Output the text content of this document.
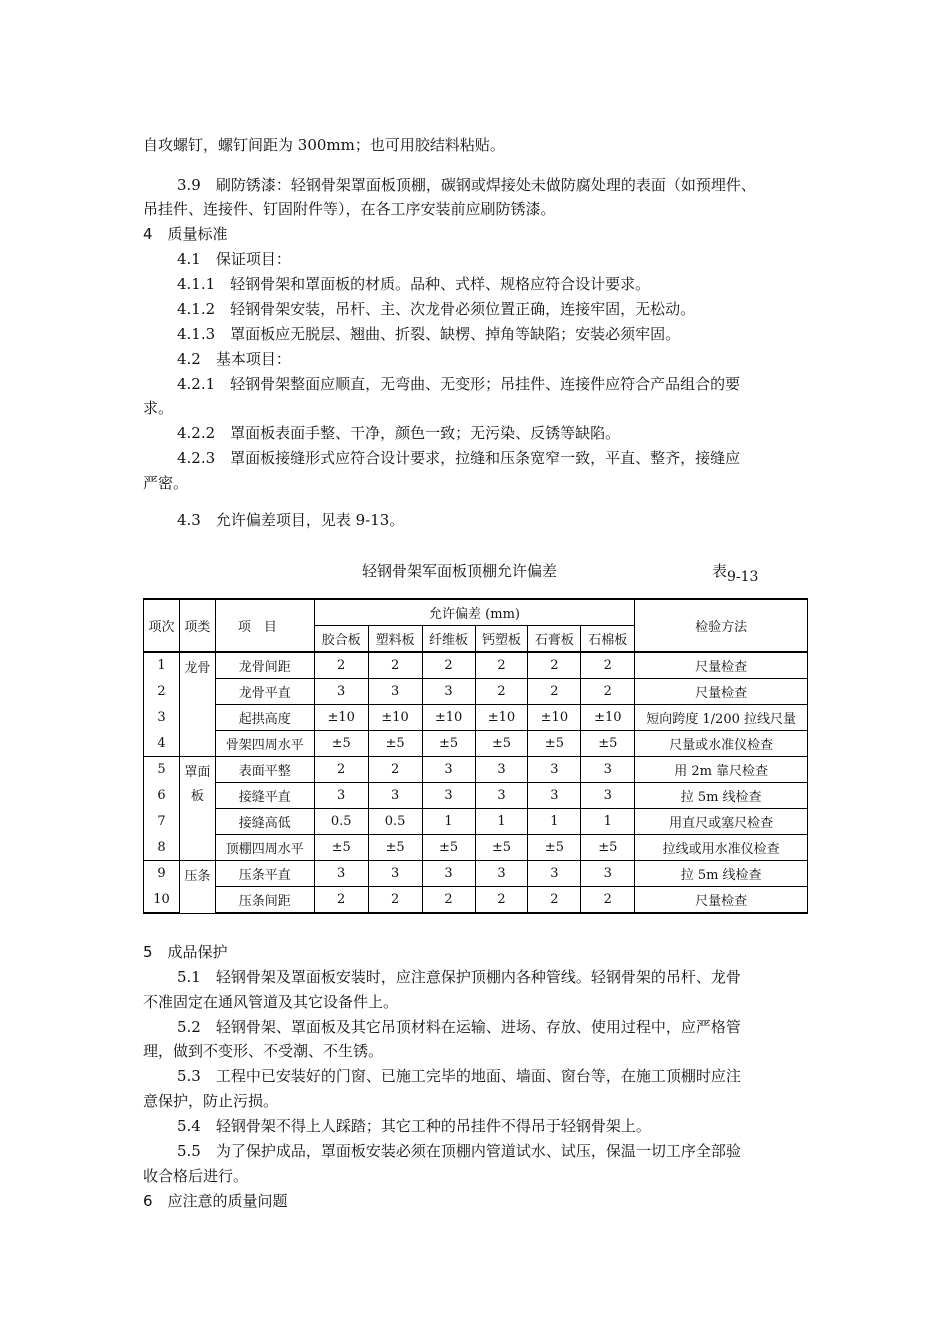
自攻螺钉，螺钉间距为 300mm；也可用胶结料粘贴。
3.9　刷防锈漆：轻钢骨架罩面板顶棚，碳钢或焊接处未做防腐处理的表面（如预埋件、
吊挂件、连接件、钉固附件等），在各工序安装前应刷防锈漆。
4　质量标准
4.1　保证项目：
4.1.1　轻钢骨架和罩面板的材质。品种、式样、规格应符合设计要求。
4.1.2　轻钢骨架安装，吊杆、主、次龙骨必须位置正确，连接牢固，无松动。
4.1.3　罩面板应无脱层、翘曲、折裂、缺楞、掉角等缺陷；安装必须牢固。
4.2　基本项目：
4.2.1　轻钢骨架整面应顺直，无弯曲、无变形；吊挂件、连接件应符合产品组合的要
求。
4.2.2　罩面板表面手整、干净，颜色一致；无污染、反锈等缺陷。
4.2.3　罩面板接缝形式应符合设计要求，拉缝和压条宽窄一致，平直、整齐，接缝应
严密。
4.3　允许偏差项目，见表 9-13。
轻钢骨架军面板顶棚允许偏差	表9-13
项次	项类	项　目	允许偏差 (mm)						检验方法
			胶合板	塑料板	纤维板	钙塑板	石膏板	石棉板	
1	龙骨	龙骨间距	2	2	2	2	2	2	尺量检查
2		龙骨平直	3	3	3	2	2	2	尺量检查
3		起拱高度	±10	±10	±10	±10	±10	±10	短向跨度 1/200 拉线尺量
4		骨架四周水平	±5	±5	±5	±5	±5	±5	尺量或水准仪检查
5	罩面
板	表面平整	2	2	3	3	3	3	用 2m 靠尺检查
6		接缝平直	3	3	3	3	3	3	拉 5m 线检查
7		接缝高低	0.5	0.5	1	1	1	1	用直尺或塞尺检查
8		顶棚四周水平	±5	±5	±5	±5	±5	±5	拉线或用水准仪检查
9	压条	压条平直	3	3	3	3	3	3	拉 5m 线检查
10		压条间距	2	2	2	2	2	2	尺量检查
5　成品保护
5.1　轻钢骨架及罩面板安装时，应注意保护顶棚内各种管线。轻钢骨架的吊杆、龙骨
不准固定在通风管道及其它设备件上。
5.2　轻钢骨架、罩面板及其它吊顶材料在运输、进场、存放、使用过程中，应严格管
理，做到不变形、不受潮、不生锈。
5.3　工程中已安装好的门窗、已施工完毕的地面、墙面、窗台等，在施工顶棚时应注
意保护，防止污损。
5.4　轻钢骨架不得上人踩踏；其它工种的吊挂件不得吊于轻钢骨架上。
5.5　为了保护成品，罩面板安装必须在顶棚内管道试水、试压，保温一切工序全部验
收合格后进行。
6　应注意的质量问题
